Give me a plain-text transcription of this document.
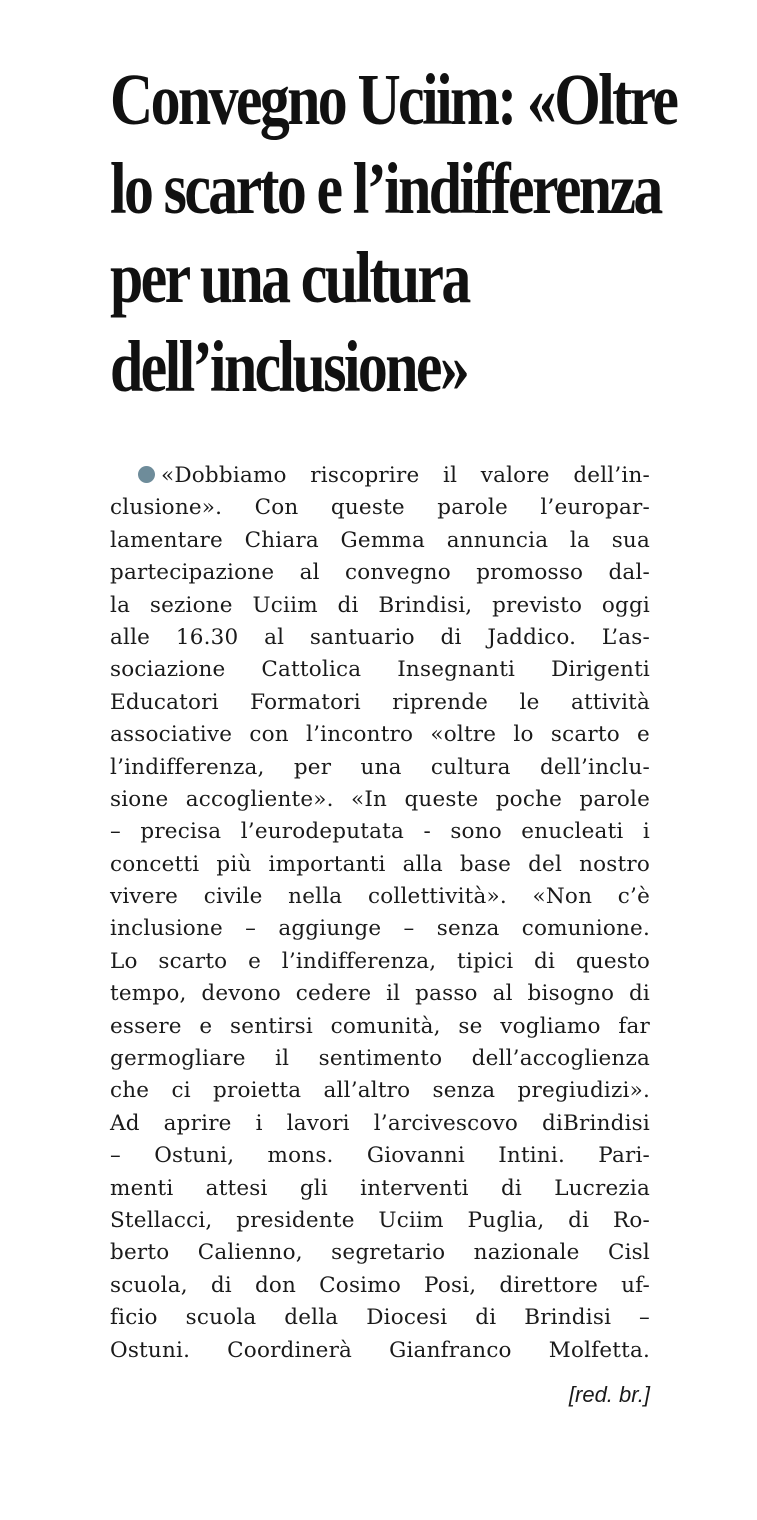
Convegno Uciim: «Oltre
lo scarto e l’indifferenza
per una cultura
dell’inclusione»
«Dobbiamo riscoprire il valore dell’in-
clusione». Con queste parole l’europar-
lamentare Chiara Gemma annuncia la sua
partecipazione al convegno promosso dal-
la sezione Uciim di Brindisi, previsto oggi
alle 16.30 al santuario di Jaddico. L’as-
sociazione Cattolica Insegnanti Dirigenti
Educatori Formatori riprende le attività
associative con l’incontro «oltre lo scarto e
l’indifferenza, per una cultura dell’inclu-
sione accogliente». «In queste poche parole
– precisa l’eurodeputata - sono enucleati i
concetti più importanti alla base del nostro
vivere civile nella collettività». «Non c’è
inclusione – aggiunge – senza comunione.
Lo scarto e l’indifferenza, tipici di questo
tempo, devono cedere il passo al bisogno di
essere e sentirsi comunità, se vogliamo far
germogliare il sentimento dell’accoglienza
che ci proietta all’altro senza pregiudizi».
Ad aprire i lavori l’arcivescovo diBrindisi
– Ostuni, mons. Giovanni Intini. Pari-
menti attesi gli interventi di Lucrezia
Stellacci, presidente Uciim Puglia, di Ro-
berto Calienno, segretario nazionale Cisl
scuola, di don Cosimo Posi, direttore uf-
ficio scuola della Diocesi di Brindisi –
Ostuni. Coordinerà Gianfranco Molfetta.
[red. br.]
